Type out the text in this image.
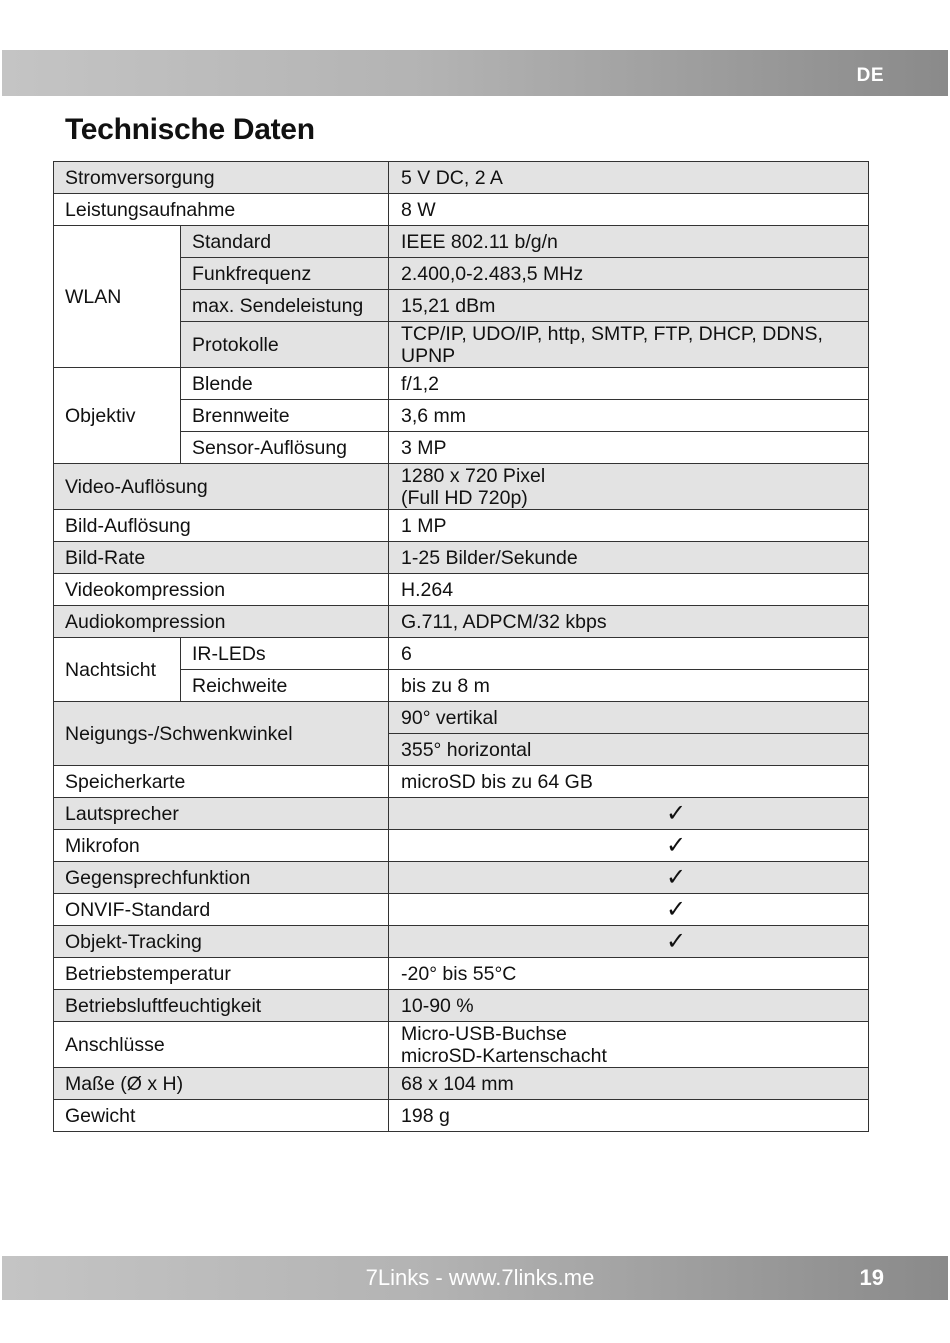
DE
Technische Daten
Stromversorgung		5 V DC, 2 A
Leistungsaufnahme		8 W
WLAN	Standard	IEEE 802.11 b/g/n
	Funkfrequenz	2.400,0-2.483,5 MHz
	max. Sendeleistung	15,21 dBm
	Protokolle	TCP/IP, UDO/IP, http, SMTP, FTP, DHCP, DDNS,
UPNP

Objektiv	Blende	f/1,2
	Brennweite	3,6 mm
	Sensor-Auflösung	3 MP
Video-Auflösung		1280 x 720 Pixel
(Full HD 720p)

Bild-Auflösung		1 MP
Bild-Rate		1-25 Bilder/Sekunde
Videokompression		H.264
Audiokompression		G.711, ADPCM/32 kbps
Nachtsicht	IR-LEDs	6
	Reichweite	bis zu 8 m
Neigungs-/Schwenkwinkel		90° vertikal
		355° horizontal
Speicherkarte		microSD bis zu 64 GB
Lautsprecher		✓
Mikrofon		✓
Gegensprechfunktion		✓
ONVIF-Standard		✓
Objekt-Tracking		✓
Betriebstemperatur		-20° bis 55°C
Betriebsluftfeuchtigkeit		10-90 %
Anschlüsse		Micro-USB-Buchse
microSD-Kartenschacht

Maße (Ø x H)		68 x 104 mm
Gewicht		198 g
7Links - www.7links.me	19
